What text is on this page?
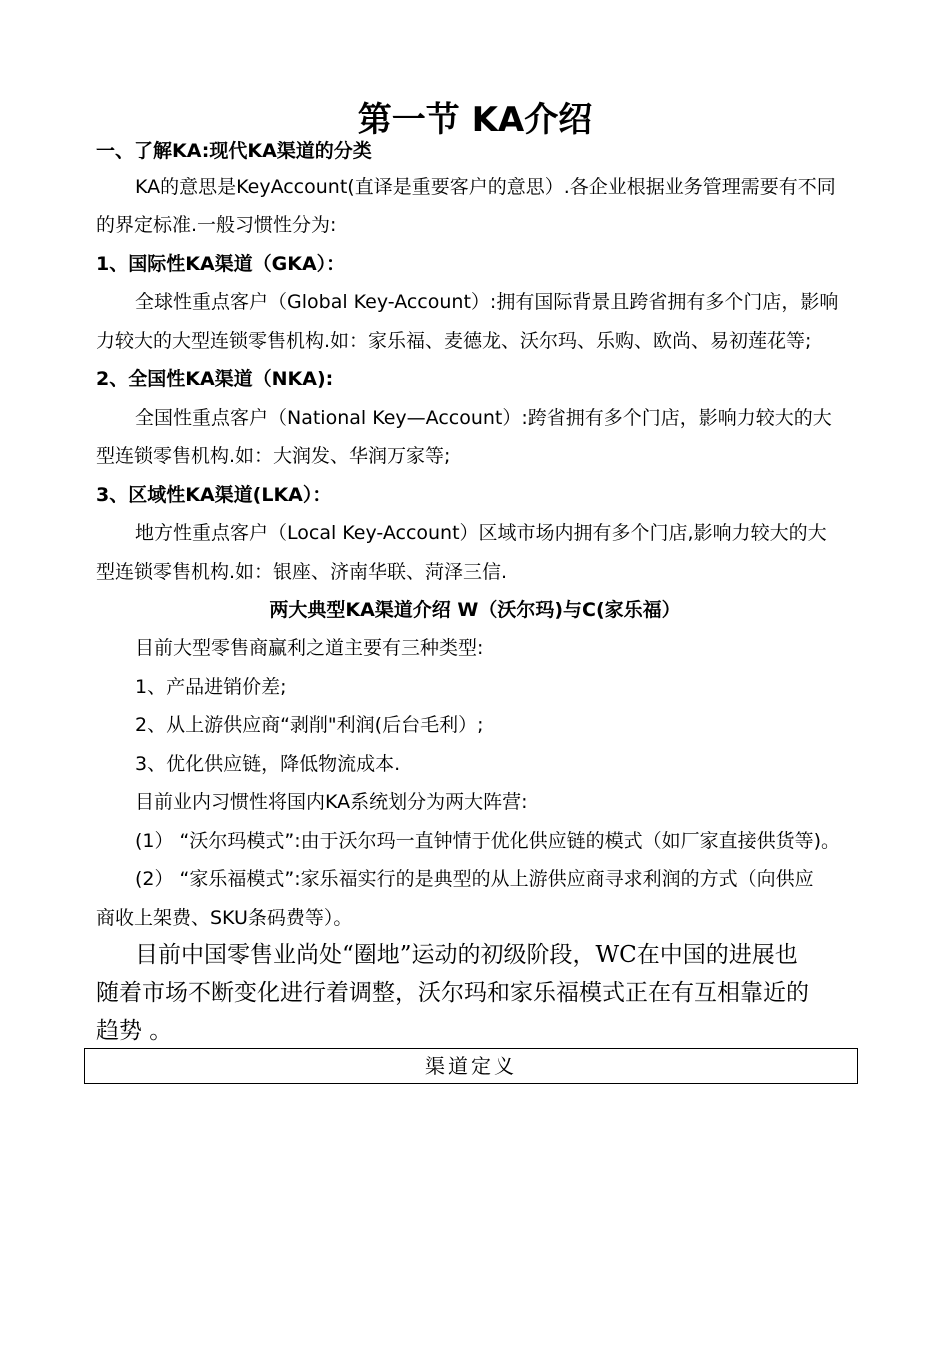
第一节 KA介绍

一、了解KA:现代KA渠道的分类

KA的意思是KeyAccount(直译是重要客户的意思）.各企业根据业务管理需要有不同

的界定标准.一般习惯性分为:

1、国际性KA渠道（GKA）：

全球性重点客户（Global Key-Account）:拥有国际背景且跨省拥有多个门店，影响

力较大的大型连锁零售机构.如：家乐福、麦德龙、沃尔玛、乐购、欧尚、易初莲花等;

2、全国性KA渠道（NKA):

全国性重点客户（National Key—Account）:跨省拥有多个门店，影响力较大的大

型连锁零售机构.如：大润发、华润万家等;

3、区域性KA渠道(LKA）：

地方性重点客户（Local Key-Account）区域市场内拥有多个门店,影响力较大的大

型连锁零售机构.如：银座、济南华联、菏泽三信.

两大典型KA渠道介绍 W（沃尔玛)与C(家乐福）

目前大型零售商赢利之道主要有三种类型:

1、产品进销价差;

2、从上游供应商“剥削"利润(后台毛利）;

3、优化供应链，降低物流成本.

目前业内习惯性将国内KA系统划分为两大阵营:

(1） “沃尔玛模式”:由于沃尔玛一直钟情于优化供应链的模式（如厂家直接供货等)。

(2） “家乐福模式”:家乐福实行的是典型的从上游供应商寻求利润的方式（向供应

商收上架费、SKU条码费等）。

目前中国零售业尚处“圈地”运动的初级阶段，WC在中国的进展也

随着市场不断变化进行着调整，沃尔玛和家乐福模式正在有互相靠近的

趋势 。

渠道定义
